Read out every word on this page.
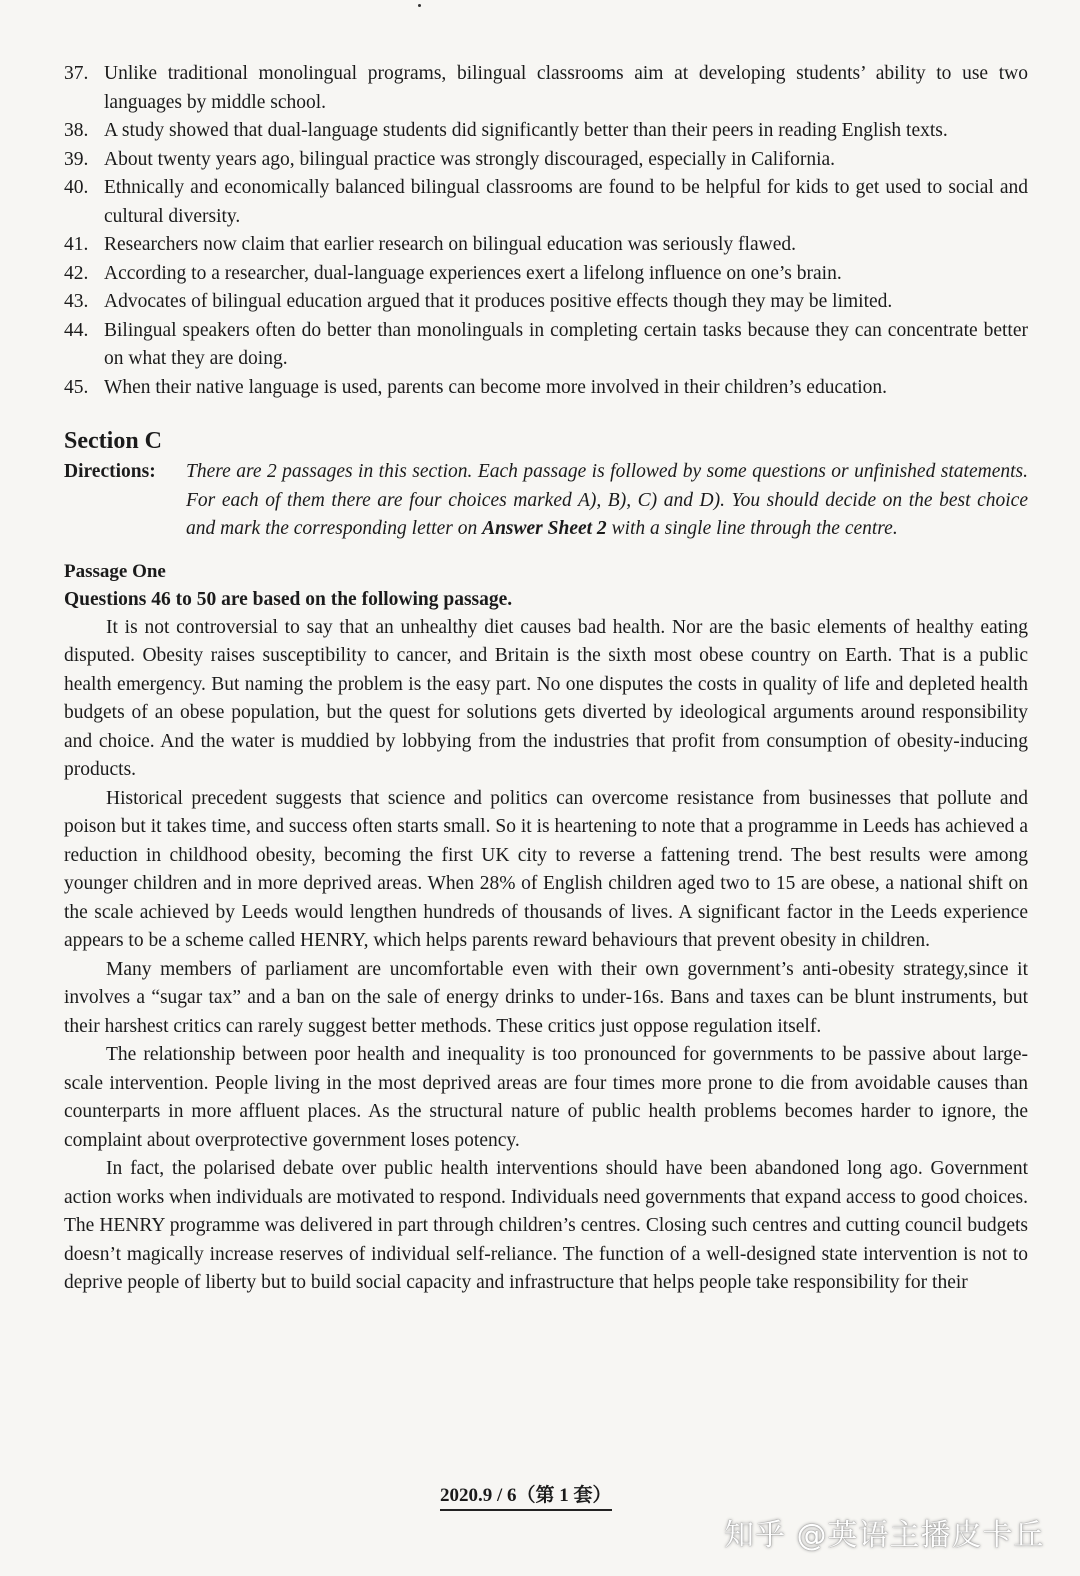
37. Unlike traditional monolingual programs, bilingual classrooms aim at developing students’ ability to use two languages by middle school.
38. A study showed that dual-language students did significantly better than their peers in reading English texts.
39. About twenty years ago, bilingual practice was strongly discouraged, especially in California.
40. Ethnically and economically balanced bilingual classrooms are found to be helpful for kids to get used to social and cultural diversity.
41. Researchers now claim that earlier research on bilingual education was seriously flawed.
42. According to a researcher, dual-language experiences exert a lifelong influence on one’s brain.
43. Advocates of bilingual education argued that it produces positive effects though they may be limited.
44. Bilingual speakers often do better than monolinguals in completing certain tasks because they can concentrate better on what they are doing.
45. When their native language is used, parents can become more involved in their children’s education.
Section C
Directions:	There are 2 passages in this section. Each passage is followed by some questions or unfinished statements. For each of them there are four choices marked A), B), C) and D). You should decide on the best choice and mark the corresponding letter on Answer Sheet 2 with a single line through the centre.
Passage One
Questions 46 to 50 are based on the following passage.

It is not controversial to say that an unhealthy diet causes bad health. Nor are the basic elements of healthy eating disputed. Obesity raises susceptibility to cancer, and Britain is the sixth most obese country on Earth. That is a public health emergency. But naming the problem is the easy part. No one disputes the costs in quality of life and depleted health budgets of an obese population, but the quest for solutions gets diverted by ideological arguments around responsibility and choice. And the water is muddied by lobbying from the industries that profit from consumption of obesity-inducing products.

Historical precedent suggests that science and politics can overcome resistance from businesses that pollute and poison but it takes time, and success often starts small. So it is heartening to note that a programme in Leeds has achieved a reduction in childhood obesity, becoming the first UK city to reverse a fattening trend. The best results were among younger children and in more deprived areas. When 28% of English children aged two to 15 are obese, a national shift on the scale achieved by Leeds would lengthen hundreds of thousands of lives. A significant factor in the Leeds experience appears to be a scheme called HENRY, which helps parents reward behaviours that prevent obesity in children.

Many members of parliament are uncomfortable even with their own government’s anti-obesity strategy,since it involves a “sugar tax” and a ban on the sale of energy drinks to under-16s. Bans and taxes can be blunt instruments, but their harshest critics can rarely suggest better methods. These critics just oppose regulation itself.

The relationship between poor health and inequality is too pronounced for governments to be passive about large-scale intervention. People living in the most deprived areas are four times more prone to die from avoidable causes than counterparts in more affluent places. As the structural nature of public health problems becomes harder to ignore, the complaint about overprotective government loses potency.

In fact, the polarised debate over public health interventions should have been abandoned long ago. Government action works when individuals are motivated to respond. Individuals need governments that expand access to good choices. The HENRY programme was delivered in part through children’s centres. Closing such centres and cutting council budgets doesn’t magically increase reserves of individual self-reliance. The function of a well-designed state intervention is not to deprive people of liberty but to build social capacity and infrastructure that helps people take responsibility for their

2020.9 / 6（第 1 套）
知乎 @英语主播皮卡丘
